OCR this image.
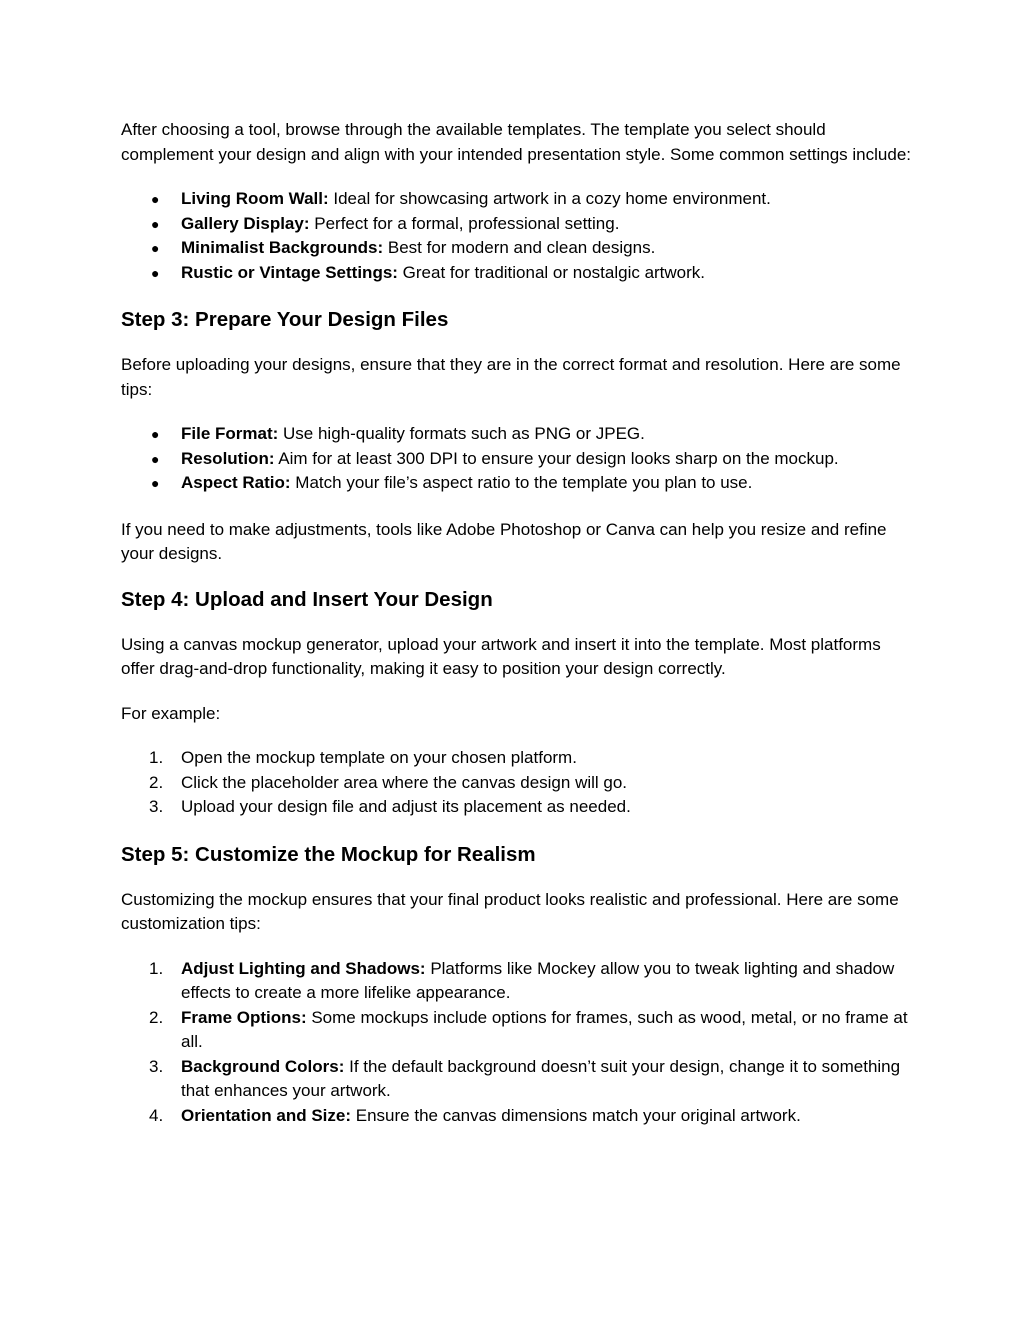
After choosing a tool, browse through the available templates. The template you select should complement your design and align with your intended presentation style. Some common settings include:

● Living Room Wall: Ideal for showcasing artwork in a cozy home environment.
● Gallery Display: Perfect for a formal, professional setting.
● Minimalist Backgrounds: Best for modern and clean designs.
● Rustic or Vintage Settings: Great for traditional or nostalgic artwork.
Step 3: Prepare Your Design Files

Before uploading your designs, ensure that they are in the correct format and resolution. Here are some tips:

● File Format: Use high-quality formats such as PNG or JPEG.
● Resolution: Aim for at least 300 DPI to ensure your design looks sharp on the mockup.
● Aspect Ratio: Match your file’s aspect ratio to the template you plan to use.

If you need to make adjustments, tools like Adobe Photoshop or Canva can help you resize and refine your designs.

Step 4: Upload and Insert Your Design

Using a canvas mockup generator, upload your artwork and insert it into the template. Most platforms offer drag-and-drop functionality, making it easy to position your design correctly.

For example:

1. Open the mockup template on your chosen platform.
2. Click the placeholder area where the canvas design will go.
3. Upload your design file and adjust its placement as needed.
Step 5: Customize the Mockup for Realism

Customizing the mockup ensures that your final product looks realistic and professional. Here are some customization tips:

1. Adjust Lighting and Shadows: Platforms like Mockey allow you to tweak lighting and shadow effects to create a more lifelike appearance.
2. Frame Options: Some mockups include options for frames, such as wood, metal, or no frame at all.
3. Background Colors: If the default background doesn’t suit your design, change it to something that enhances your artwork.
4. Orientation and Size: Ensure the canvas dimensions match your original artwork.
